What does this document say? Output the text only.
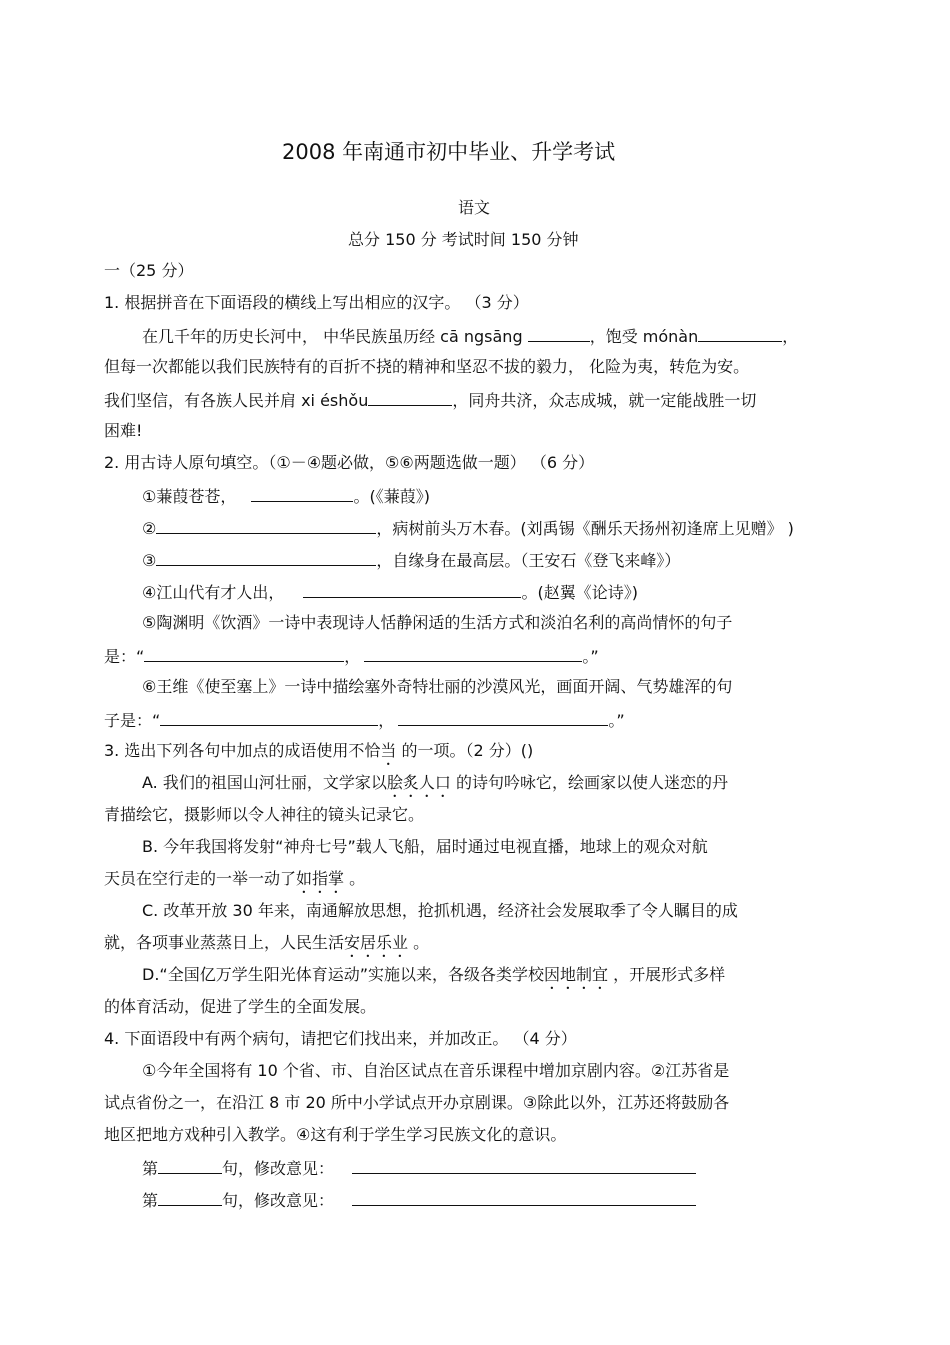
2008 年南通市初中毕业、升学考试
语文
总分 150 分 考试时间 150 分钟
一（25 分）
1. 根据拼音在下面语段的横线上写出相应的汉字。 （3 分）
在几千年的历史长河中， 中华民族虽历经 cā ngsāng	，饱受 mónàn	，
但每一次都能以我们民族特有的百折不挠的精神和坚忍不拔的毅力， 化险为夷，转危为安。
我们坚信，有各族人民并肩 xi éshǒu	，同舟共济，众志成城，就一定能战胜一切
困难!
2. 用古诗人原句填空。（①－④题必做，⑤⑥两题选做一题） （6 分）
①蒹葭苍苍，	。(《蒹葭》)
②	，病树前头万木春。(刘禹锡《酬乐天扬州初逢席上见赠》 )
③	，自缘身在最高层。（王安石《登飞来峰》）
④江山代有才人出，	。(赵翼《论诗》)
⑤陶渊明《饮酒》一诗中表现诗人恬静闲适的生活方式和淡泊名利的高尚情怀的句子
是：“	，	。”
⑥王维《使至塞上》一诗中描绘塞外奇特壮丽的沙漠风光，画面开阔、气势雄浑的句
子是：“	，	。”
3. 选出下列各句中加点的成语使用不恰当 的一项。（2 分）()
A. 我们的祖国山河壮丽，文学家以脍炙人口 的诗句吟咏它，绘画家以使人迷恋的丹
青描绘它，摄影师以令人神往的镜头记录它。
B. 今年我国将发射“神舟七号”载人飞船，届时通过电视直播，地球上的观众对航
天员在空行走的一举一动了如指掌 。
C. 改革开放 30 年来，南通解放思想，抢抓机遇，经济社会发展取季了令人瞩目的成
就，各项事业蒸蒸日上，人民生活安居乐业 。
D.“全国亿万学生阳光体育运动”实施以来，各级各类学校因地制宜 ，开展形式多样
的体育活动，促进了学生的全面发展。
4. 下面语段中有两个病句，请把它们找出来，并加改正。 （4 分）
①今年全国将有 10 个省、市、自治区试点在音乐课程中增加京剧内容。②江苏省是
试点省份之一，在沿江 8 市 20 所中小学试点开办京剧课。③除此以外，江苏还将鼓励各
地区把地方戏种引入教学。④这有利于学生学习民族文化的意识。
第	句，修改意见：
第	句，修改意见：
